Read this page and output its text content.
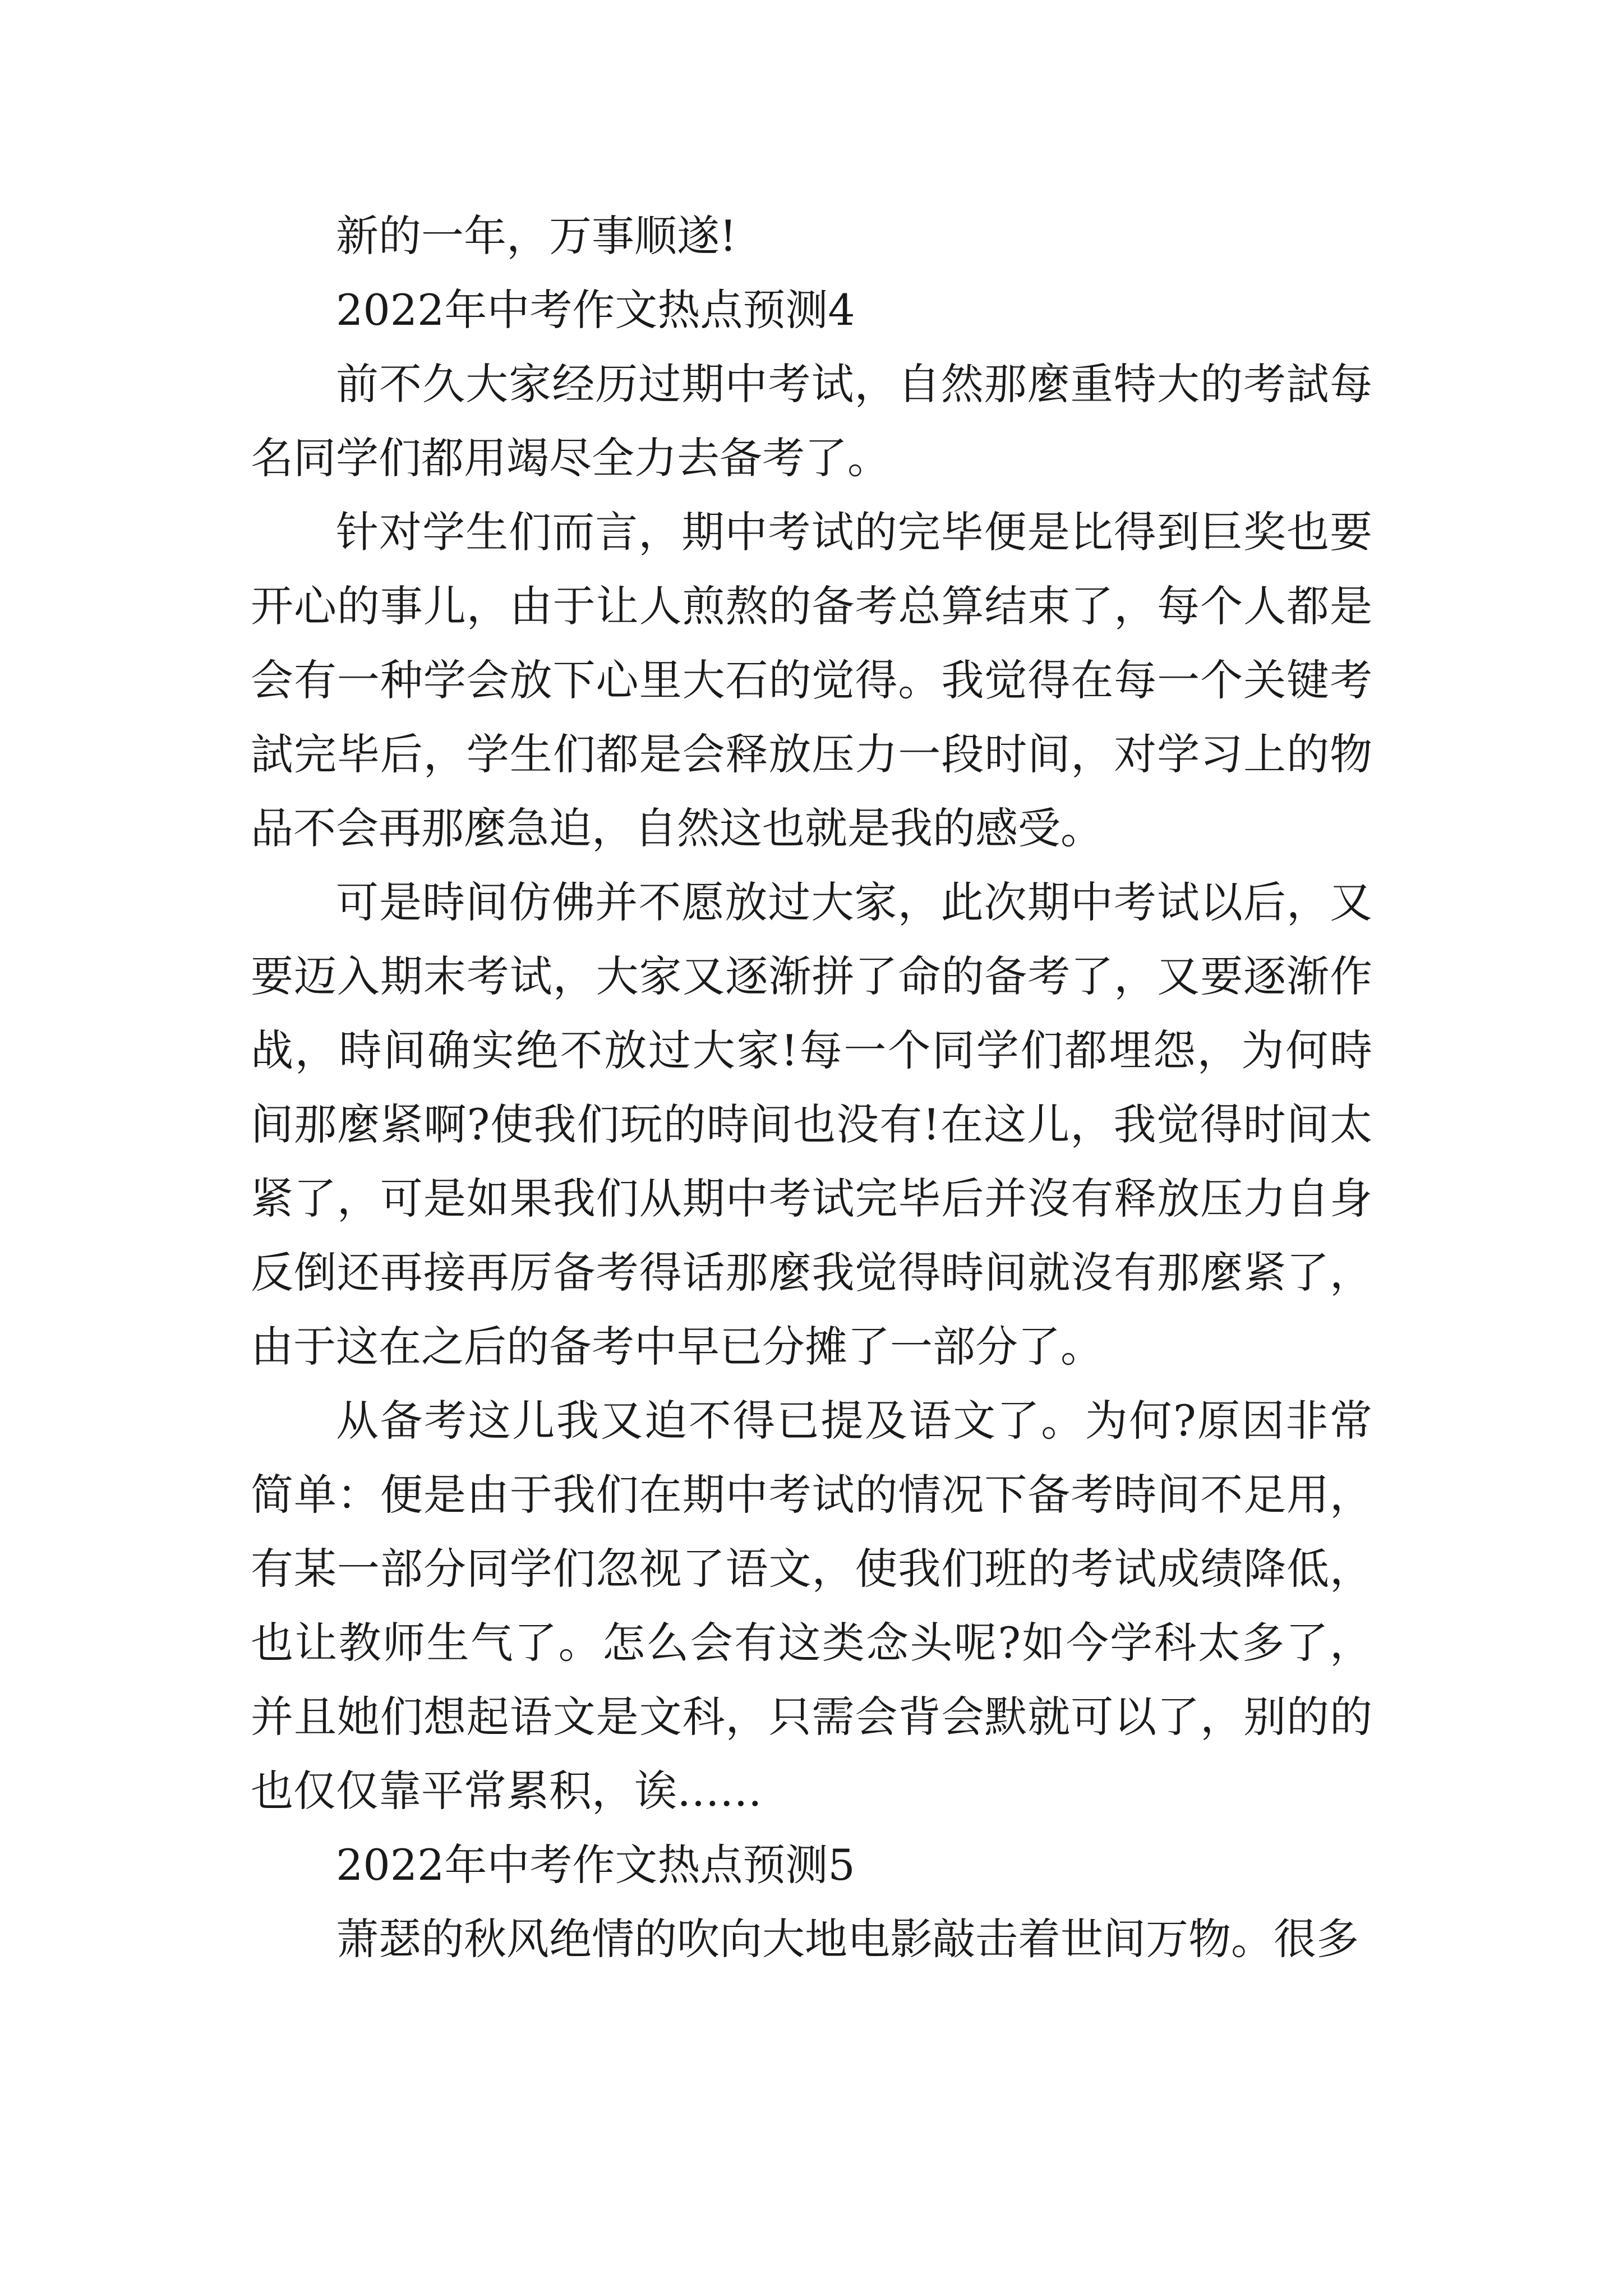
新的一年，万事顺遂!

2022年中考作文热点预测4

前不久大家经历过期中考试，自然那麼重特大的考試每名同学们都用竭尽全力去备考了。

针对学生们而言，期中考试的完毕便是比得到巨奖也要开心的事儿，由于让人煎熬的备考总算结束了，每个人都是会有一种学会放下心里大石的觉得。我觉得在每一个关键考試完毕后，学生们都是会释放压力一段时间，对学习上的物品不会再那麼急迫，自然这也就是我的感受。

可是時间仿佛并不愿放过大家，此次期中考试以后，又要迈入期末考试，大家又逐渐拼了命的备考了，又要逐渐作战，時间确实绝不放过大家!每一个同学们都埋怨，为何時间那麼紧啊?使我们玩的時间也没有!在这儿，我觉得时间太紧了，可是如果我们从期中考试完毕后并沒有释放压力自身反倒还再接再厉备考得话那麼我觉得時间就沒有那麼紧了，由于这在之后的备考中早已分摊了一部分了。

从备考这儿我又迫不得已提及语文了。为何?原因非常简单：便是由于我们在期中考试的情况下备考時间不足用，有某一部分同学们忽视了语文，使我们班的考试成绩降低，也让教师生气了。怎么会有这类念头呢?如今学科太多了，并且她们想起语文是文科，只需会背会默就可以了，别的的也仅仅靠平常累积，诶……

2022年中考作文热点预测5

萧瑟的秋风绝情的吹向大地电影敲击着世间万物。很多
